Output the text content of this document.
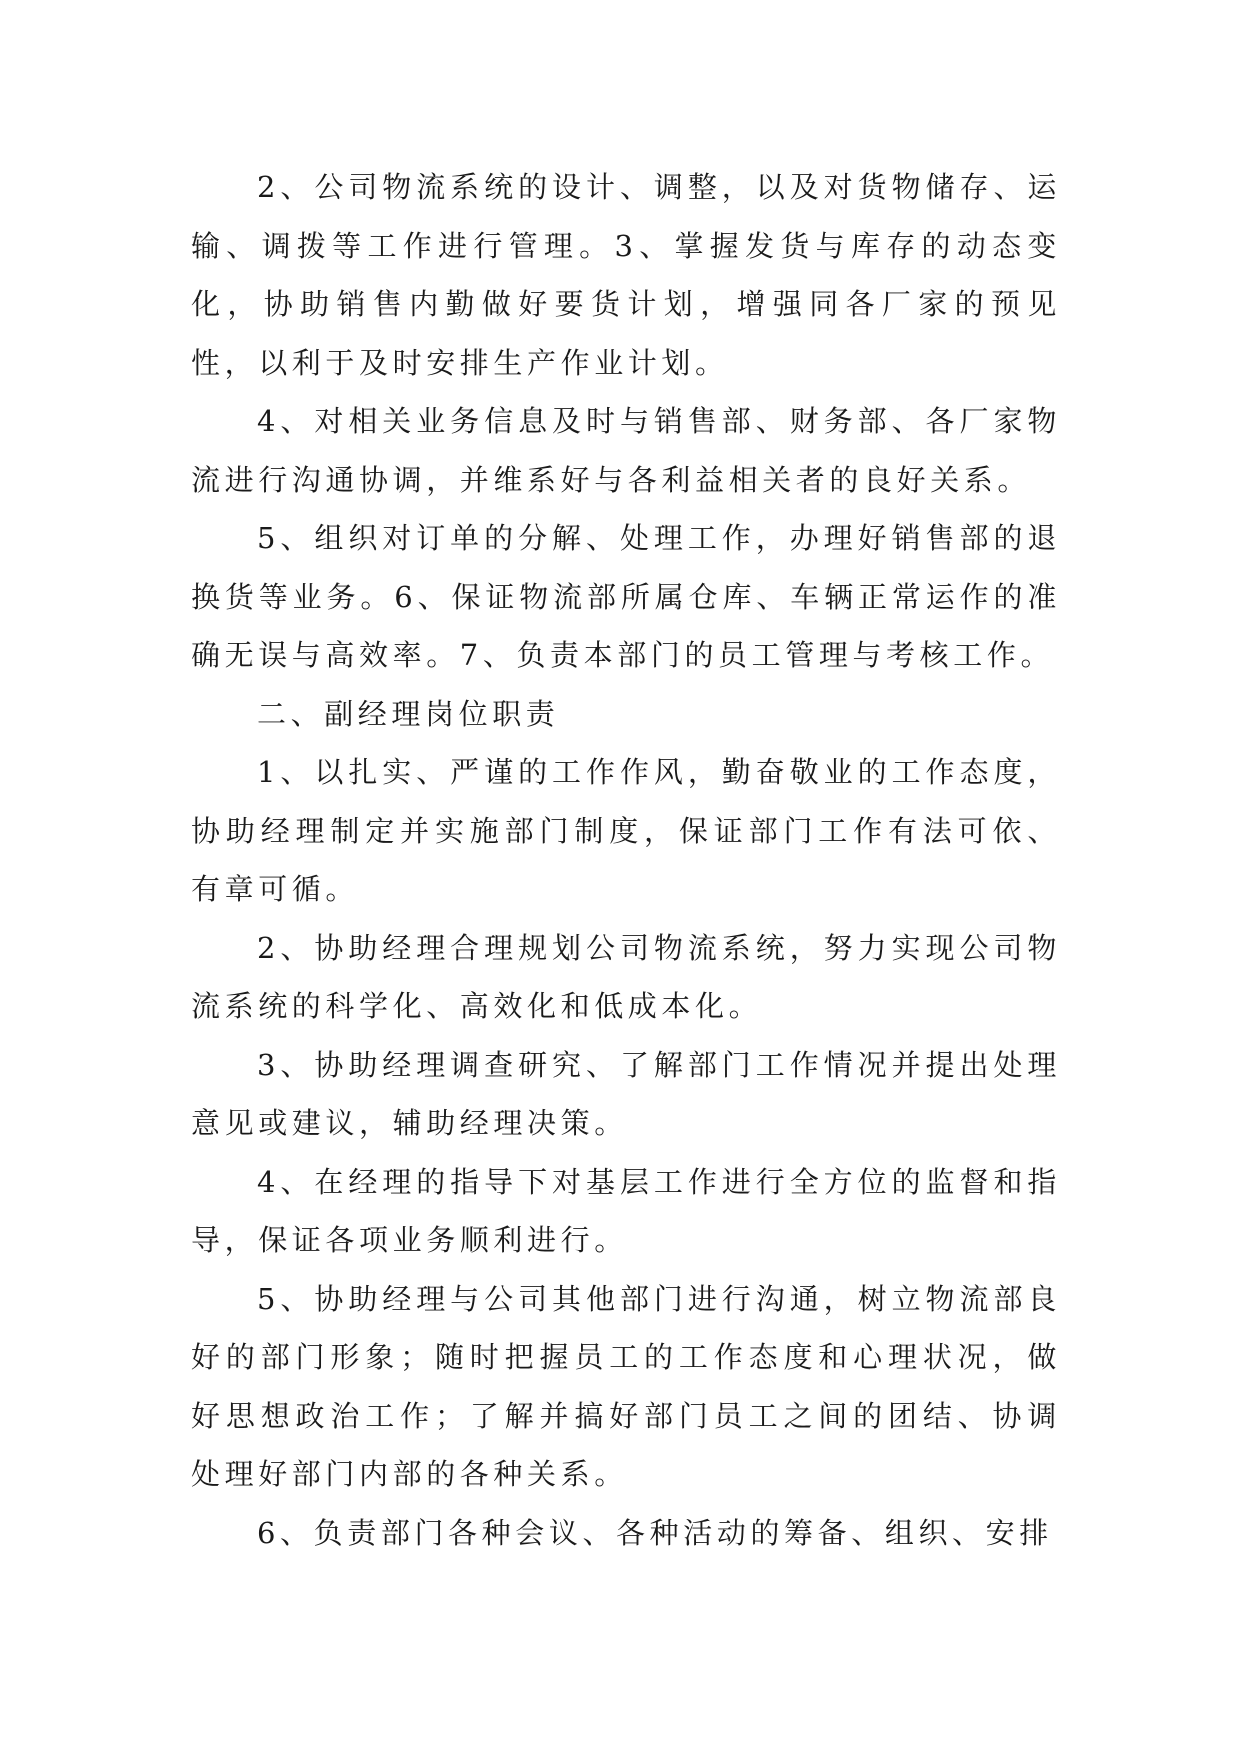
2、公司物流系统的设计、调整，以及对货物储存、运输、调拨等工作进行管理。3、掌握发货与库存的动态变化，协助销售内勤做好要货计划，增强同各厂家的预见性，以利于及时安排生产作业计划。

4、对相关业务信息及时与销售部、财务部、各厂家物流进行沟通协调，并维系好与各利益相关者的良好关系。

5、组织对订单的分解、处理工作，办理好销售部的退换货等业务。6、保证物流部所属仓库、车辆正常运作的准确无误与高效率。7、负责本部门的员工管理与考核工作。

二、副经理岗位职责

1、以扎实、严谨的工作作风，勤奋敬业的工作态度，协助经理制定并实施部门制度，保证部门工作有法可依、有章可循。

2、协助经理合理规划公司物流系统，努力实现公司物流系统的科学化、高效化和低成本化。

3、协助经理调查研究、了解部门工作情况并提出处理意见或建议，辅助经理决策。

4、在经理的指导下对基层工作进行全方位的监督和指导，保证各项业务顺利进行。

5、协助经理与公司其他部门进行沟通，树立物流部良好的部门形象；随时把握员工的工作态度和心理状况，做好思想政治工作；了解并搞好部门员工之间的团结、协调处理好部门内部的各种关系。

6、负责部门各种会议、各种活动的筹备、组织、安排
